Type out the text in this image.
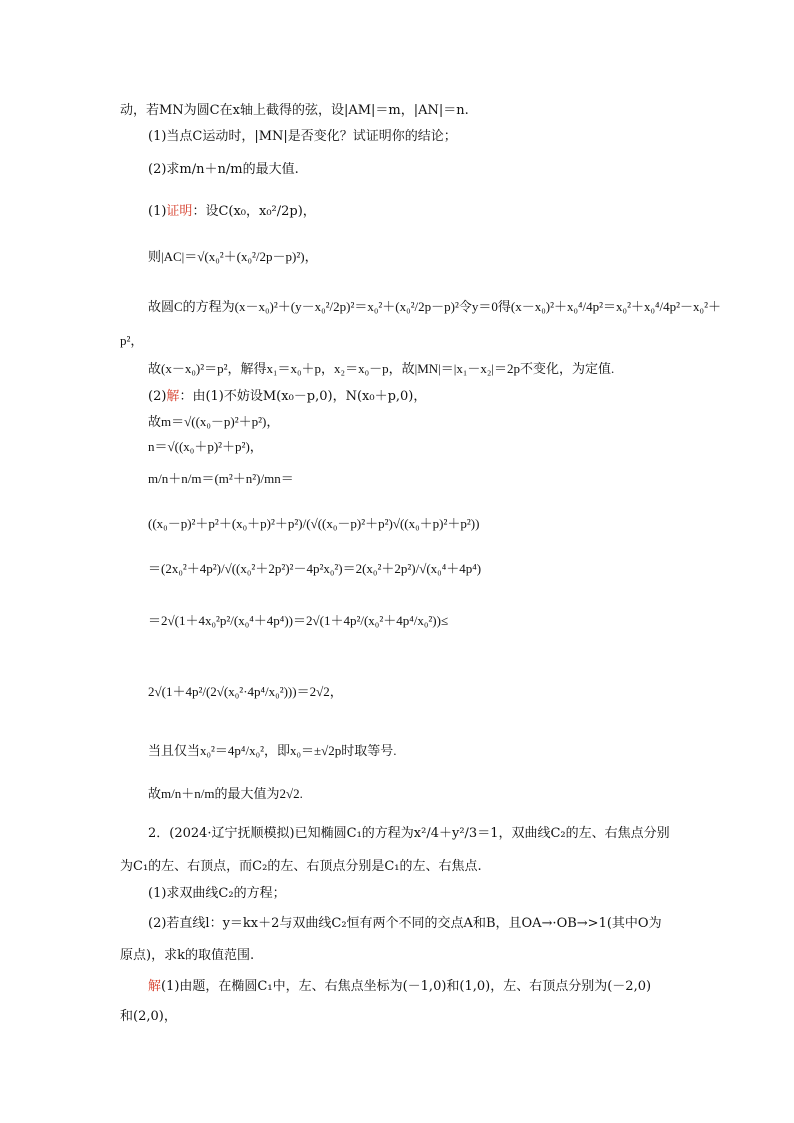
动，若MN为圆C在x轴上截得的弦，设|AM|＝m，|AN|＝n.
(1)当点C运动时，|MN|是否变化？试证明你的结论；
(2)求m/n＋n/m的最大值.
(1)证明：设C(x₀，x₀²/2p)，
则|AC|＝√(x₀²＋(x₀²/2p－p)²)，
故圆C的方程为(x－x₀)²＋(y－x₀²/2p)²＝x₀²＋(x₀²/2p－p)²令y＝0得(x－x₀)²＋x₀⁴/4p²＝x₀²＋x₀⁴/4p²－x₀²＋
p²，
故(x－x₀)²＝p²，解得x₁＝x₀＋p，x₂＝x₀－p，故|MN|＝|x₁－x₂|＝2p不变化，为定值.
(2)解：由(1)不妨设M(x₀－p,0)，N(x₀＋p,0)，
故m＝√((x₀－p)²＋p²)，
n＝√((x₀＋p)²＋p²)，
m/n＋n/m＝(m²＋n²)/mn＝
((x₀－p)²＋p²＋(x₀＋p)²＋p²)/(√((x₀－p)²＋p²)√((x₀＋p)²＋p²))
＝(2x₀²＋4p²)/√((x₀²＋2p²)²－4p²x₀²)＝2(x₀²＋2p²)/√(x₀⁴＋4p⁴)
＝2√(1＋4x₀²p²/(x₀⁴＋4p⁴))＝2√(1＋4p²/(x₀²＋4p⁴/x₀²))≤
2√(1＋4p²/(2√(x₀²·4p⁴/x₀²)))＝2√2，
当且仅当x₀²＝4p⁴/x₀²，即x₀＝±√2p时取等号.
故m/n＋n/m的最大值为2√2.
2．(2024·辽宁抚顺模拟)已知椭圆C₁的方程为x²/4＋y²/3＝1，双曲线C₂的左、右焦点分别
为C₁的左、右顶点，而C₂的左、右顶点分别是C₁的左、右焦点.
(1)求双曲线C₂的方程；
(2)若直线l：y＝kx＋2与双曲线C₂恒有两个不同的交点A和B，且OA→·OB→>1(其中O为
原点)，求k的取值范围.
解(1)由题，在椭圆C₁中，左、右焦点坐标为(－1,0)和(1,0)，左、右顶点分别为(－2,0)
和(2,0)，
